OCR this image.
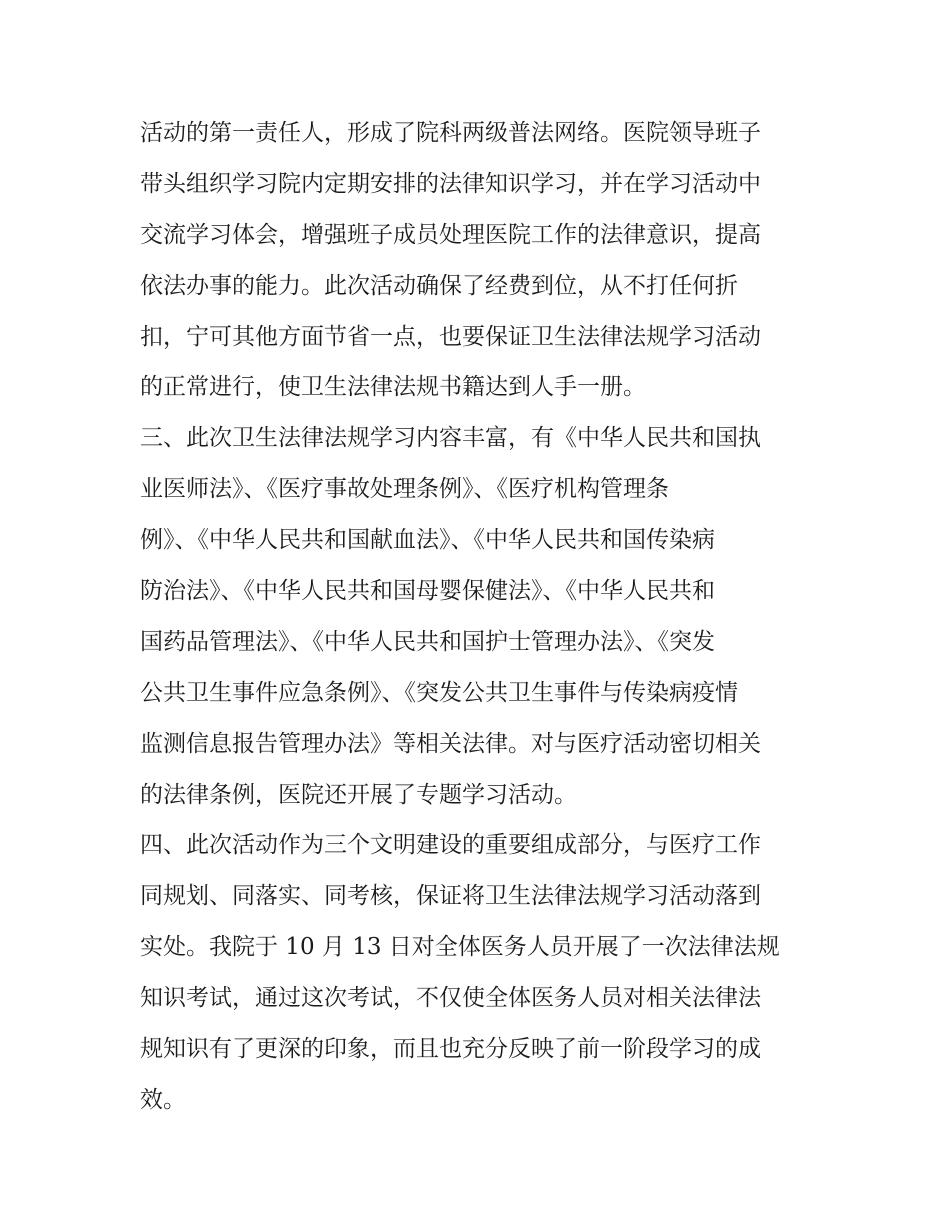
活动的第一责任人，形成了院科两级普法网络。医院领导班子
带头组织学习院内定期安排的法律知识学习，并在学习活动中
交流学习体会，增强班子成员处理医院工作的法律意识，提高
依法办事的能力。此次活动确保了经费到位，从不打任何折
扣，宁可其他方面节省一点，也要保证卫生法律法规学习活动
的正常进行，使卫生法律法规书籍达到人手一册。
三、此次卫生法律法规学习内容丰富，有《中华人民共和国执
业医师法》、《医疗事故处理条例》、《医疗机构管理条
例》、《中华人民共和国献血法》、《中华人民共和国传染病
防治法》、《中华人民共和国母婴保健法》、《中华人民共和
国药品管理法》、《中华人民共和国护士管理办法》、《突发
公共卫生事件应急条例》、《突发公共卫生事件与传染病疫情
监测信息报告管理办法》等相关法律。对与医疗活动密切相关
的法律条例，医院还开展了专题学习活动。
四、此次活动作为三个文明建设的重要组成部分，与医疗工作
同规划、同落实、同考核，保证将卫生法律法规学习活动落到
实处。我院于 10 月 13 日对全体医务人员开展了一次法律法规
知识考试，通过这次考试，不仅使全体医务人员对相关法律法
规知识有了更深的印象，而且也充分反映了前一阶段学习的成
效。
